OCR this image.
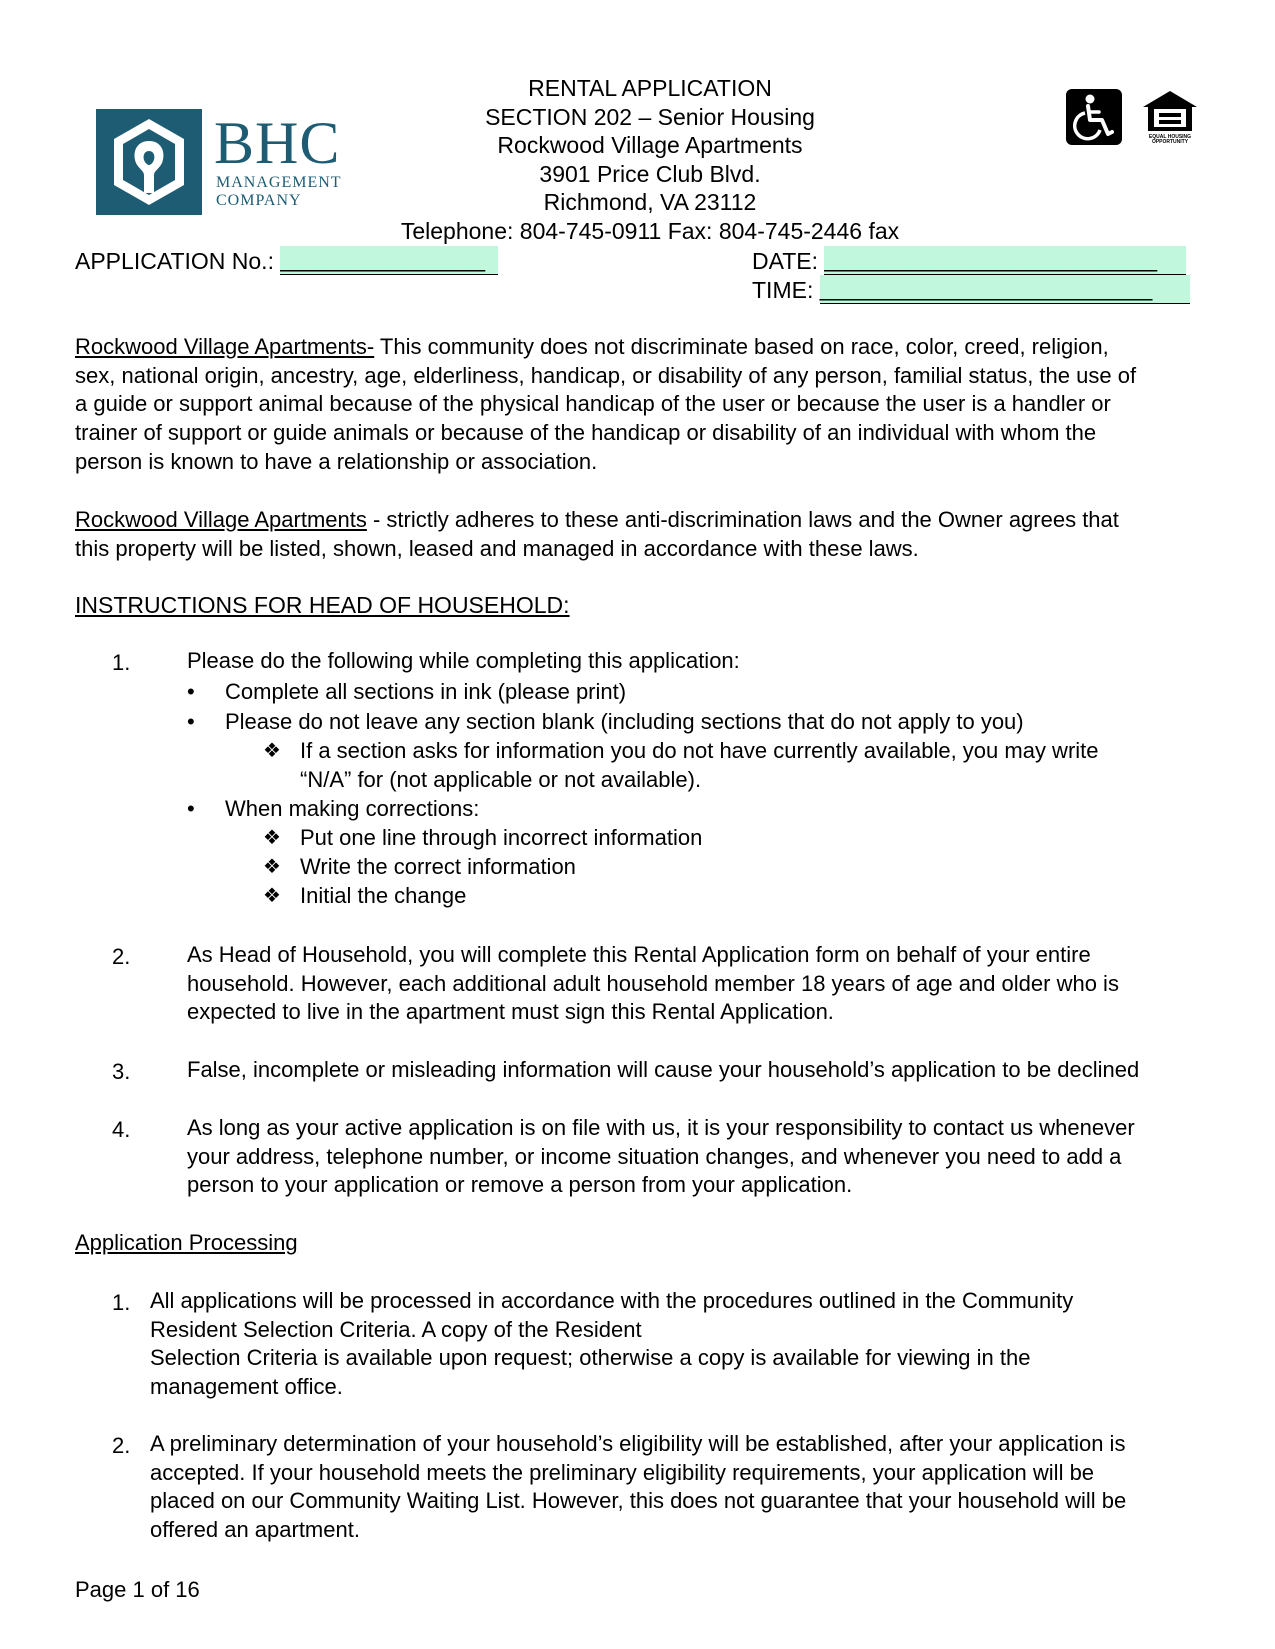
BHC
MANAGEMENT
COMPANY
RENTAL APPLICATION
SECTION 202 – Senior Housing
Rockwood Village Apartments
3901 Price Club Blvd.
Richmond, VA 23112
Telephone: 804-745-0911 Fax: 804-745-2446 fax
EQUAL HOUSING
OPPORTUNITY
APPLICATION No.: ________________	DATE: __________________________
TIME: __________________________
Rockwood Village Apartments- This community does not discriminate based on race, color, creed, religion,
sex, national origin, ancestry, age, elderliness, handicap, or disability of any person, familial status, the use of
a guide or support animal because of the physical handicap of the user or because the user is a handler or
trainer of support or guide animals or because of the handicap or disability of an individual with whom the
person is known to have a relationship or association.
Rockwood Village Apartments - strictly adheres to these anti-discrimination laws and the Owner agrees that
this property will be listed, shown, leased and managed in accordance with these laws.
INSTRUCTIONS FOR HEAD OF HOUSEHOLD:
1.	Please do the following while completing this application:
• Complete all sections in ink (please print)
• Please do not leave any section blank (including sections that do not apply to you)
❖ If a section asks for information you do not have currently available, you may write
“N/A” for (not applicable or not available).
• When making corrections:
❖ Put one line through incorrect information
❖ Write the correct information
❖ Initial the change
2.	As Head of Household, you will complete this Rental Application form on behalf of your entire
household. However, each additional adult household member 18 years of age and older who is
expected to live in the apartment must sign this Rental Application.
3.	False, incomplete or misleading information will cause your household’s application to be declined
4.	As long as your active application is on file with us, it is your responsibility to contact us whenever
your address, telephone number, or income situation changes, and whenever you need to add a
person to your application or remove a person from your application.
Application Processing
1. All applications will be processed in accordance with the procedures outlined in the Community
Resident Selection Criteria. A copy of the Resident
Selection Criteria is available upon request; otherwise a copy is available for viewing in the
management office.
2. A preliminary determination of your household’s eligibility will be established, after your application is
accepted. If your household meets the preliminary eligibility requirements, your application will be
placed on our Community Waiting List. However, this does not guarantee that your household will be
offered an apartment.
Page 1 of 16
